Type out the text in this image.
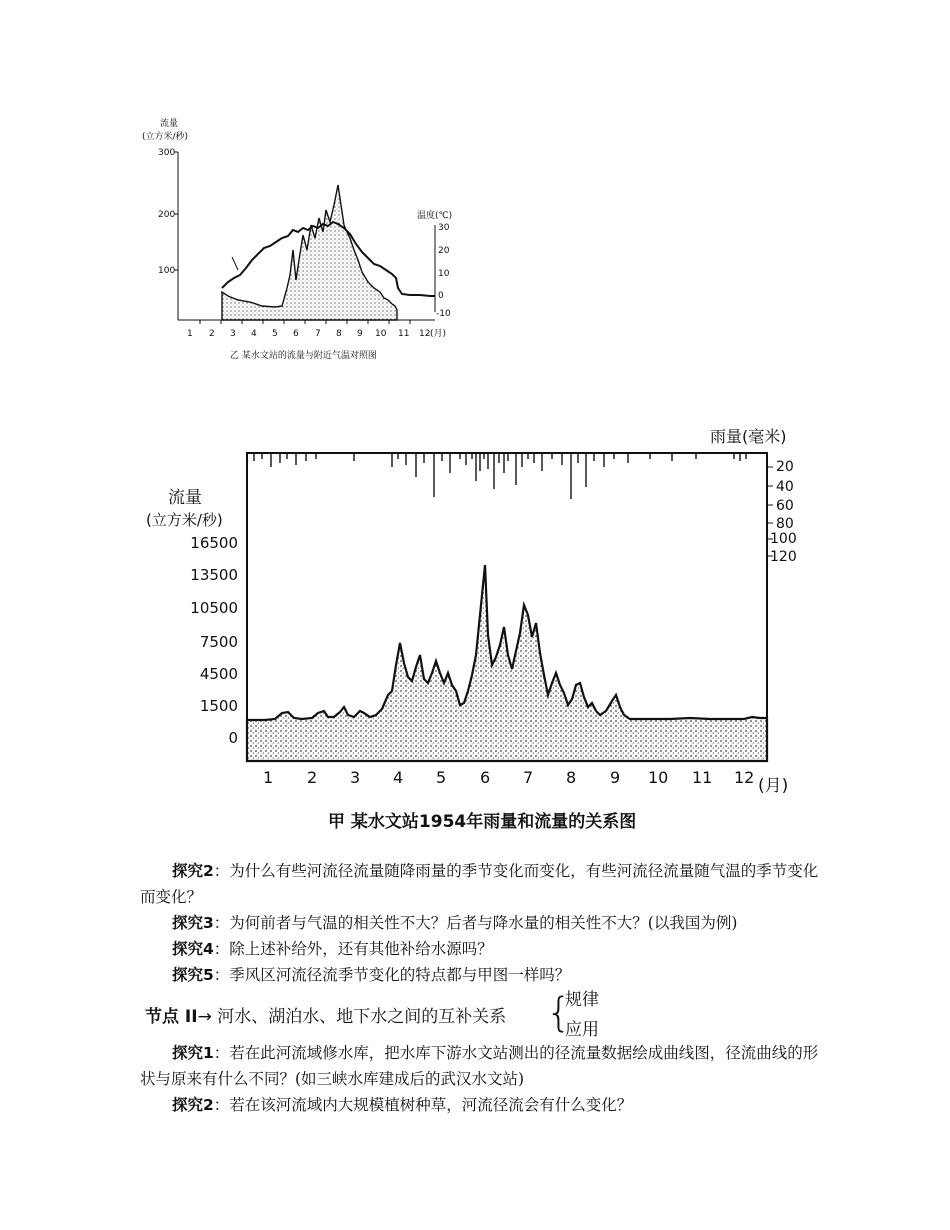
流量
(立方米/秒)
300
200
100
1 2 3 4 5 6 7 8 9 10 11 12 (月)
温度(℃)
30
20
10
0
-10
乙 某水文站的流量与附近气温对照图
雨量(毫米)
20
40
60
80
100
120
流量
(立方米/秒)
16500
13500
10500
7500
4500
1500
0
1 2 3 4 5 6 7 8 9 10 11 12 (月)
甲 某水文站1954年雨量和流量的关系图

探究2：为什么有些河流径流量随降雨量的季节变化而变化，有些河流径流量随气温的季节变化而变化？

探究3：为何前者与气温的相关性不大？后者与降水量的相关性不大？(以我国为例)

探究4：除上述补给外，还有其他补给水源吗？

探究5：季风区河流径流季节变化的特点都与甲图一样吗？

节点 II→ 河水、湖泊水、地下水之间的互补关系 {
规律
应用

探究1：若在此河流域修水库，把水库下游水文站测出的径流量数据绘成曲线图，径流曲线的形状与原来有什么不同？(如三峡水库建成后的武汉水文站)

探究2：若在该河流域内大规模植树种草，河流径流会有什么变化？
